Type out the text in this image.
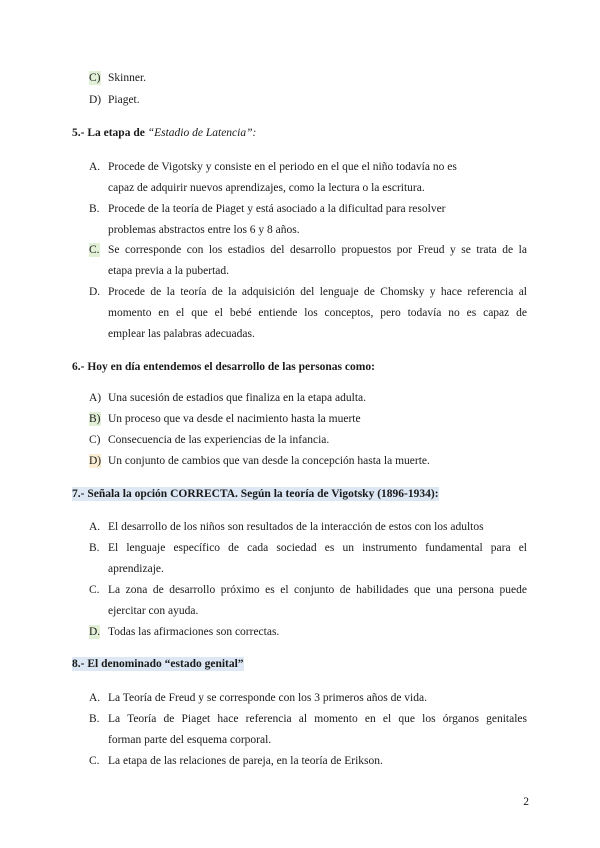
C) Skinner.
D) Piaget.
5.- La etapa de “Estadio de Latencia”:
A. Procede de Vigotsky y consiste en el periodo en el que el niño todavía no es
capaz de adquirir nuevos aprendizajes, como la lectura o la escritura.
B. Procede de la teoría de Piaget y está asociado a la dificultad para resolver
problemas abstractos entre los 6 y 8 años.
C. Se corresponde con los estadios del desarrollo propuestos por Freud y se trata de la
etapa previa a la pubertad.
D. Procede de la teoría de la adquisición del lenguaje de Chomsky y hace referencia al
momento en el que el bebé entiende los conceptos, pero todavía no es capaz de
emplear las palabras adecuadas.
6.- Hoy en día entendemos el desarrollo de las personas como:
A) Una sucesión de estadios que finaliza en la etapa adulta.
B) Un proceso que va desde el nacimiento hasta la muerte
C) Consecuencia de las experiencias de la infancia.
D) Un conjunto de cambios que van desde la concepción hasta la muerte.
7.- Señala la opción CORRECTA. Según la teoría de Vigotsky (1896-1934):
A. El desarrollo de los niños son resultados de la interacción de estos con los adultos
B. El lenguaje específico de cada sociedad es un instrumento fundamental para el
aprendizaje.
C. La zona de desarrollo próximo es el conjunto de habilidades que una persona puede
ejercitar con ayuda.
D. Todas las afirmaciones son correctas.
8.- El denominado “estado genital”
A. La Teoría de Freud y se corresponde con los 3 primeros años de vida.
B. La Teoría de Piaget hace referencia al momento en el que los órganos genitales
forman parte del esquema corporal.
C. La etapa de las relaciones de pareja, en la teoría de Erikson.
2
